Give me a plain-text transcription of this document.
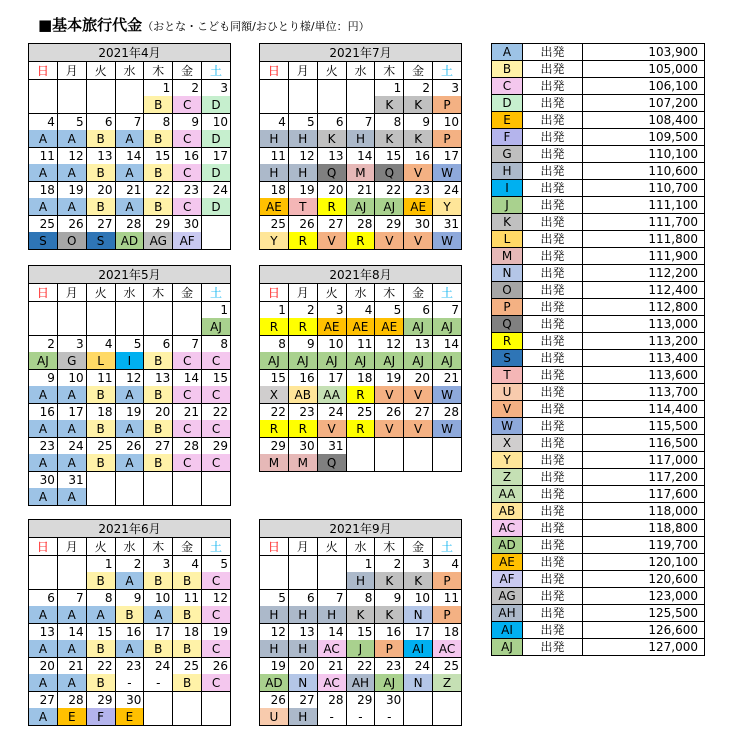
■基本旅行代金（おとな・こども同額/おひとり様/単位：円）
2021年4月						
日	月	火	水	木	金	土
				1	2	3
				B	C	D
4	5	6	7	8	9	10
A	A	B	A	B	C	D
11	12	13	14	15	16	17
A	A	B	A	B	C	D
18	19	20	21	22	23	24
A	A	B	A	B	C	D
25	26	27	28	29	30	
S	O	S	AD	AG	AF	
2021年7月						
日	月	火	水	木	金	土
				1	2	3
				K	K	P
4	5	6	7	8	9	10
H	H	K	H	K	K	P
11	12	13	14	15	16	17
H	H	Q	M	Q	V	W
18	19	20	21	22	23	24
AE	T	R	AJ	AJ	AE	Y
25	26	27	28	29	30	31
Y	R	V	R	V	V	W
2021年5月						
日	月	火	水	木	金	土
						1
						AJ
2	3	4	5	6	7	8
AJ	G	L	I	B	C	C
9	10	11	12	13	14	15
A	A	B	A	B	C	C
16	17	18	19	20	21	22
A	A	B	A	B	C	C
23	24	25	26	27	28	29
A	A	B	A	B	C	C
30	31					
A	A					
2021年8月						
日	月	火	水	木	金	土
1	2	3	4	5	6	7
R	R	AE	AE	AE	AJ	AJ
8	9	10	11	12	13	14
AJ	AJ	AJ	AJ	AJ	AJ	AJ
15	16	17	18	19	20	21
X	AB	AA	R	V	V	W
22	23	24	25	26	27	28
R	R	V	R	V	V	W
29	30	31				
M	M	Q				
2021年6月						
日	月	火	水	木	金	土
		1	2	3	4	5
		B	A	B	B	C
6	7	8	9	10	11	12
A	A	A	B	A	B	C
13	14	15	16	17	18	19
A	A	B	A	B	B	C
20	21	22	23	24	25	26
A	A	B	-	-	B	C
27	28	29	30			
A	E	F	E			
2021年9月						
日	月	火	水	木	金	土
			1	2	3	4
			H	K	K	P
5	6	7	8	9	10	11
H	H	H	K	K	N	P
12	13	14	15	16	17	18
H	H	AC	J	P	AI	AC
19	20	21	22	23	24	25
AD	N	AC	AH	AJ	N	Z
26	27	28	29	30		
U	H	-	-	-		
A	出発	103,900
B	出発	105,000
C	出発	106,100
D	出発	107,200
E	出発	108,400
F	出発	109,500
G	出発	110,100
H	出発	110,600
I	出発	110,700
J	出発	111,100
K	出発	111,700
L	出発	111,800
M	出発	111,900
N	出発	112,200
O	出発	112,400
P	出発	112,800
Q	出発	113,000
R	出発	113,200
S	出発	113,400
T	出発	113,600
U	出発	113,700
V	出発	114,400
W	出発	115,500
X	出発	116,500
Y	出発	117,000
Z	出発	117,200
AA	出発	117,600
AB	出発	118,000
AC	出発	118,800
AD	出発	119,700
AE	出発	120,100
AF	出発	120,600
AG	出発	123,000
AH	出発	125,500
AI	出発	126,600
AJ	出発	127,000
